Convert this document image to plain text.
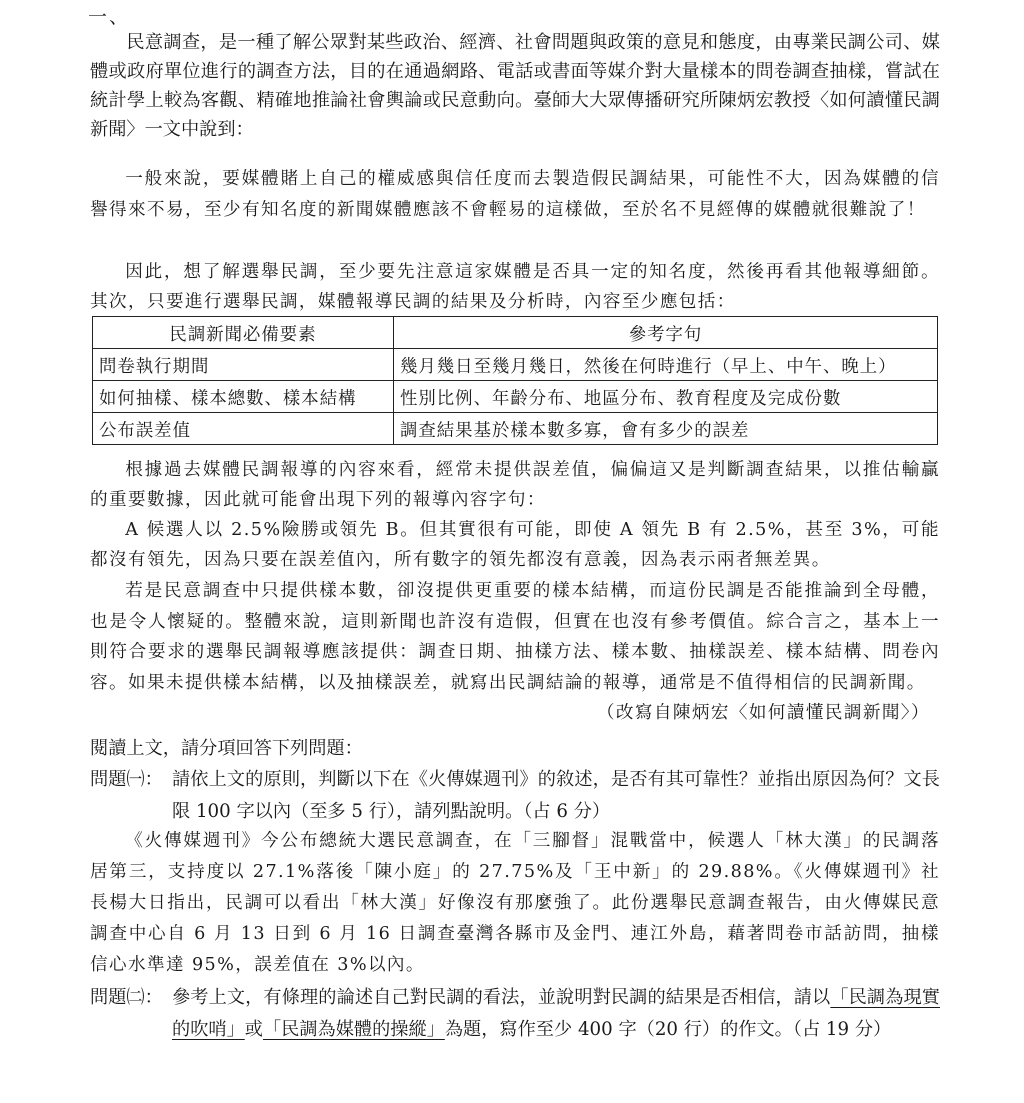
一、

民意調查，是一種了解公眾對某些政治、經濟、社會問題與政策的意見和態度，由專業民調公司、媒體或政府單位進行的調查方法，目的在通過網路、電話或書面等媒介對大量樣本的問卷調查抽樣，嘗試在統計學上較為客觀、精確地推論社會輿論或民意動向。臺師大大眾傳播研究所陳炳宏教授〈如何讀懂民調新聞〉一文中說到：

一般來說，要媒體賭上自己的權威感與信任度而去製造假民調結果，可能性不大，因為媒體的信譽得來不易，至少有知名度的新聞媒體應該不會輕易的這樣做，至於名不見經傳的媒體就很難說了！

因此，想了解選舉民調，至少要先注意這家媒體是否具一定的知名度，然後再看其他報導細節。其次，只要進行選舉民調，媒體報導民調的結果及分析時，內容至少應包括：

民調新聞必備要素	參考字句
問卷執行期間	幾月幾日至幾月幾日，然後在何時進行（早上、中午、晚上）
如何抽樣、樣本總數、樣本結構	性別比例、年齡分布、地區分布、教育程度及完成份數
公布誤差值	調查結果基於樣本數多寡，會有多少的誤差

根據過去媒體民調報導的內容來看，經常未提供誤差值，偏偏這又是判斷調查結果，以推估輸贏的重要數據，因此就可能會出現下列的報導內容字句：

A 候選人以 2.5%險勝或領先 B。但其實很有可能，即使 A 領先 B 有 2.5%，甚至 3%，可能都沒有領先，因為只要在誤差值內，所有數字的領先都沒有意義，因為表示兩者無差異。

若是民意調查中只提供樣本數，卻沒提供更重要的樣本結構，而這份民調是否能推論到全母體，也是令人懷疑的。整體來說，這則新聞也許沒有造假，但實在也沒有參考價值。綜合言之，基本上一則符合要求的選舉民調報導應該提供：調查日期、抽樣方法、樣本數、抽樣誤差、樣本結構、問卷內容。如果未提供樣本結構，以及抽樣誤差，就寫出民調結論的報導，通常是不值得相信的民調新聞。
（改寫自陳炳宏〈如何讀懂民調新聞〉）
閱讀上文，請分項回答下列問題：
問題㈠： 請依上文的原則，判斷以下在《火傳媒週刊》的敘述，是否有其可靠性？並指出原因為何？文長限 100 字以內（至多 5 行），請列點說明。（占 6 分）

《火傳媒週刊》今公布總統大選民意調查，在「三腳督」混戰當中，候選人「林大漢」的民調落居第三，支持度以 27.1%落後「陳小庭」的 27.75%及「王中新」的 29.88%。《火傳媒週刊》社長楊大日指出，民調可以看出「林大漢」好像沒有那麼強了。此份選舉民意調查報告，由火傳媒民意調查中心自 6 月 13 日到 6 月 16 日調查臺灣各縣市及金門、連江外島，藉著問卷市話訪問，抽樣信心水準達 95%，誤差值在 3%以內。

問題㈡： 參考上文，有條理的論述自己對民調的看法，並說明對民調的結果是否相信，請以「民調為現實的吹哨」或「民調為媒體的操縱」為題，寫作至少 400 字（20 行）的作文。（占 19 分）
